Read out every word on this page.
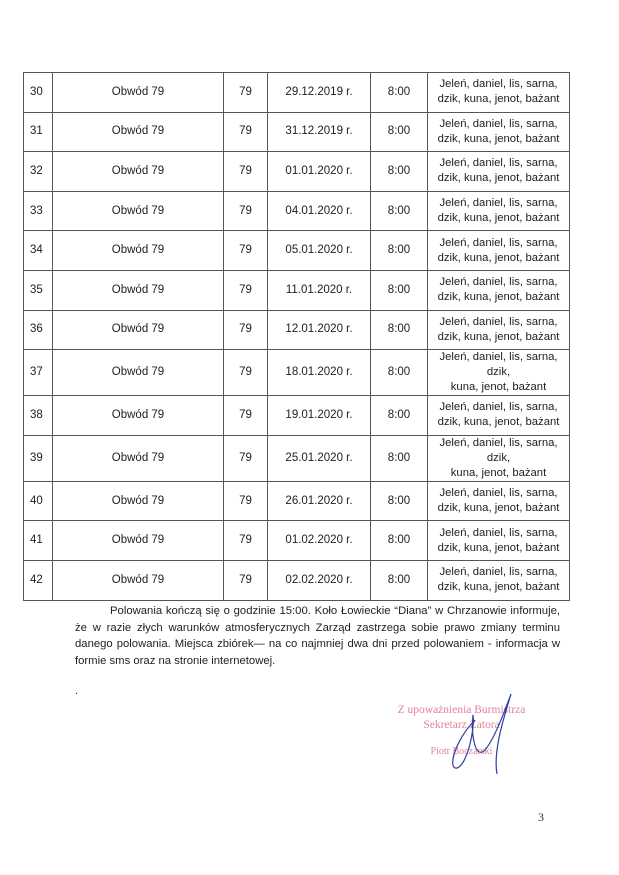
30	Obwód 79	79	29.12.2019 r.	8:00	Jeleń, daniel, lis, sarna,
dzik, kuna, jenot, bażant

31	Obwód 79	79	31.12.2019 r.	8:00	Jeleń, daniel, lis, sarna,
dzik, kuna, jenot, bażant

32	Obwód 79	79	01.01.2020 r.	8:00	Jeleń, daniel, lis, sarna,
dzik, kuna, jenot, bażant

33	Obwód 79	79	04.01.2020 r.	8:00	Jeleń, daniel, lis, sarna,
dzik, kuna, jenot, bażant

34	Obwód 79	79	05.01.2020 r.	8:00	Jeleń, daniel, lis, sarna,
dzik, kuna, jenot, bażant

35	Obwód 79	79	11.01.2020 r.	8:00	Jeleń, daniel, lis, sarna,
dzik, kuna, jenot, bażant

36	Obwód 79	79	12.01.2020 r.	8:00	Jeleń, daniel, lis, sarna,
dzik, kuna, jenot, bażant

37	Obwód 79	79	18.01.2020 r.	8:00	Jeleń, daniel, lis, sarna, dzik,
kuna, jenot, bażant

38	Obwód 79	79	19.01.2020 r.	8:00	Jeleń, daniel, lis, sarna,
dzik, kuna, jenot, bażant

39	Obwód 79	79	25.01.2020 r.	8:00	Jeleń, daniel, lis, sarna, dzik,
kuna, jenot, bażant

40	Obwód 79	79	26.01.2020 r.	8:00	Jeleń, daniel, lis, sarna,
dzik, kuna, jenot, bażant

41	Obwód 79	79	01.02.2020 r.	8:00	Jeleń, daniel, lis, sarna,
dzik, kuna, jenot, bażant

42	Obwód 79	79	02.02.2020 r.	8:00	Jeleń, daniel, lis, sarna,
dzik, kuna, jenot, bażant
Polowania kończą się o godzinie 15:00. Koło Łowieckie “Diana” w Chrzanowie informuje, że w razie złych warunków atmosferycznych Zarząd zastrzega sobie prawo zmiany terminu danego polowania. Miejsca zbiórek— na co najmniej dwa dni przed polowaniem - informacja w formie sms oraz na stronie internetowej.
.
Z upoważnienia Burmistrza
Sekretarz Zatora
Piotr Boczarski
3
